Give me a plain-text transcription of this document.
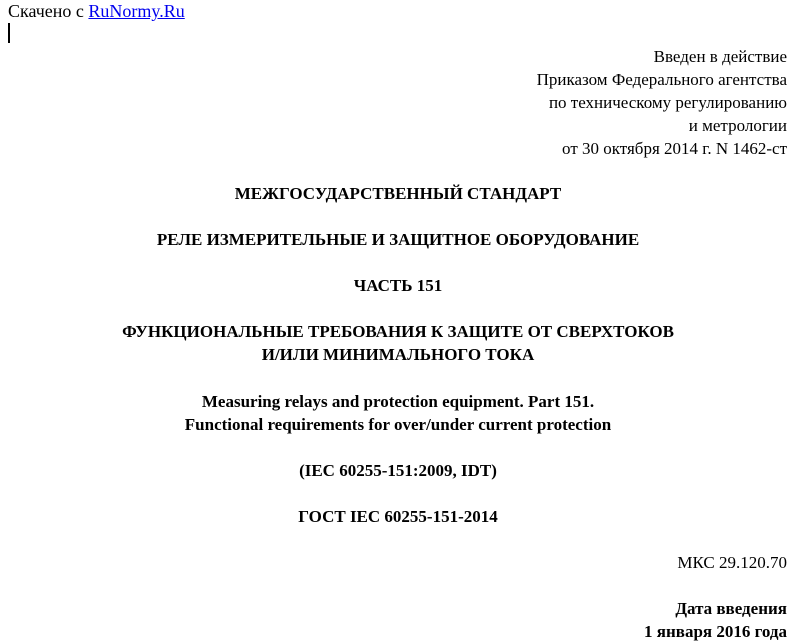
Скачено с RuNormy.Ru
Введен в действие
Приказом Федерального агентства
по техническому регулированию
и метрологии
от 30 октября 2014 г. N 1462-ст
МЕЖГОСУДАРСТВЕННЫЙ СТАНДАРТ
РЕЛЕ ИЗМЕРИТЕЛЬНЫЕ И ЗАЩИТНОЕ ОБОРУДОВАНИЕ
ЧАСТЬ 151
ФУНКЦИОНАЛЬНЫЕ ТРЕБОВАНИЯ К ЗАЩИТЕ ОТ СВЕРХТОКОВ
И/ИЛИ МИНИМАЛЬНОГО ТОКА
Measuring relays and protection equipment. Part 151.
Functional requirements for over/under current protection
(IEC 60255-151:2009, IDT)
ГОСТ IEC 60255-151-2014
МКС 29.120.70
Дата введения
1 января 2016 года
